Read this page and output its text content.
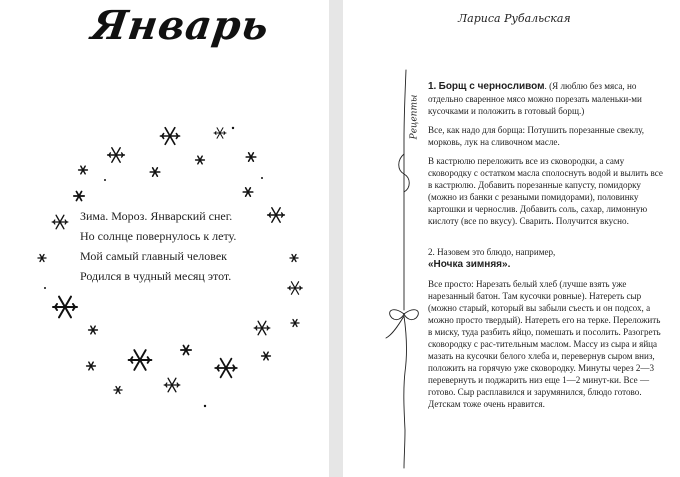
Январь
Зима. Мороз. Январский снег.
Но солнце повернулось к лету.
Мой самый главный человек
Родился в чудный месяц этот.
Лариса Рубальская
Рецепты

1. Борщ с черносливом. (Я люблю без мяса, но отдельно сваренное мясо можно порезать маленьки-ми кусочками и положить в готовый борщ.)

Все, как надо для борща: Потушить порезанные свеклу, морковь, лук на сливочном масле.

В кастрюлю переложить все из сковородки, а саму сковородку с остатком масла сполоснуть водой и вылить все в кастрюлю. Добавить порезанные капусту, помидорку (можно из банки с резаными помидорами), половинку картошки и чернослив. Добавить соль, сахар, лимонную кислоту (все по вкусу). Сварить. Получится вкусно.

2. Назовем это блюдо, например,
«Ночка зимняя».

Все просто: Нарезать белый хлеб (лучше взять уже нарезанный батон. Там кусочки ровные). Натереть сыр (можно старый, который вы забыли съесть и он подсох, а можно просто твердый). Натереть его на терке. Переложить в миску, туда разбить яйцо, помешать и посолить. Разогреть сковородку с рас-тительным маслом. Массу из сыра и яйца мазать на кусочки белого хлеба и, перевернув сыром вниз, положить на горячую уже сковородку. Минуты через 2—3 перевернуть и поджарить низ еще 1—2 минут-ки. Все — готово. Сыр расплавился и зарумянился, блюдо готово. Детскам тоже очень нравится.
